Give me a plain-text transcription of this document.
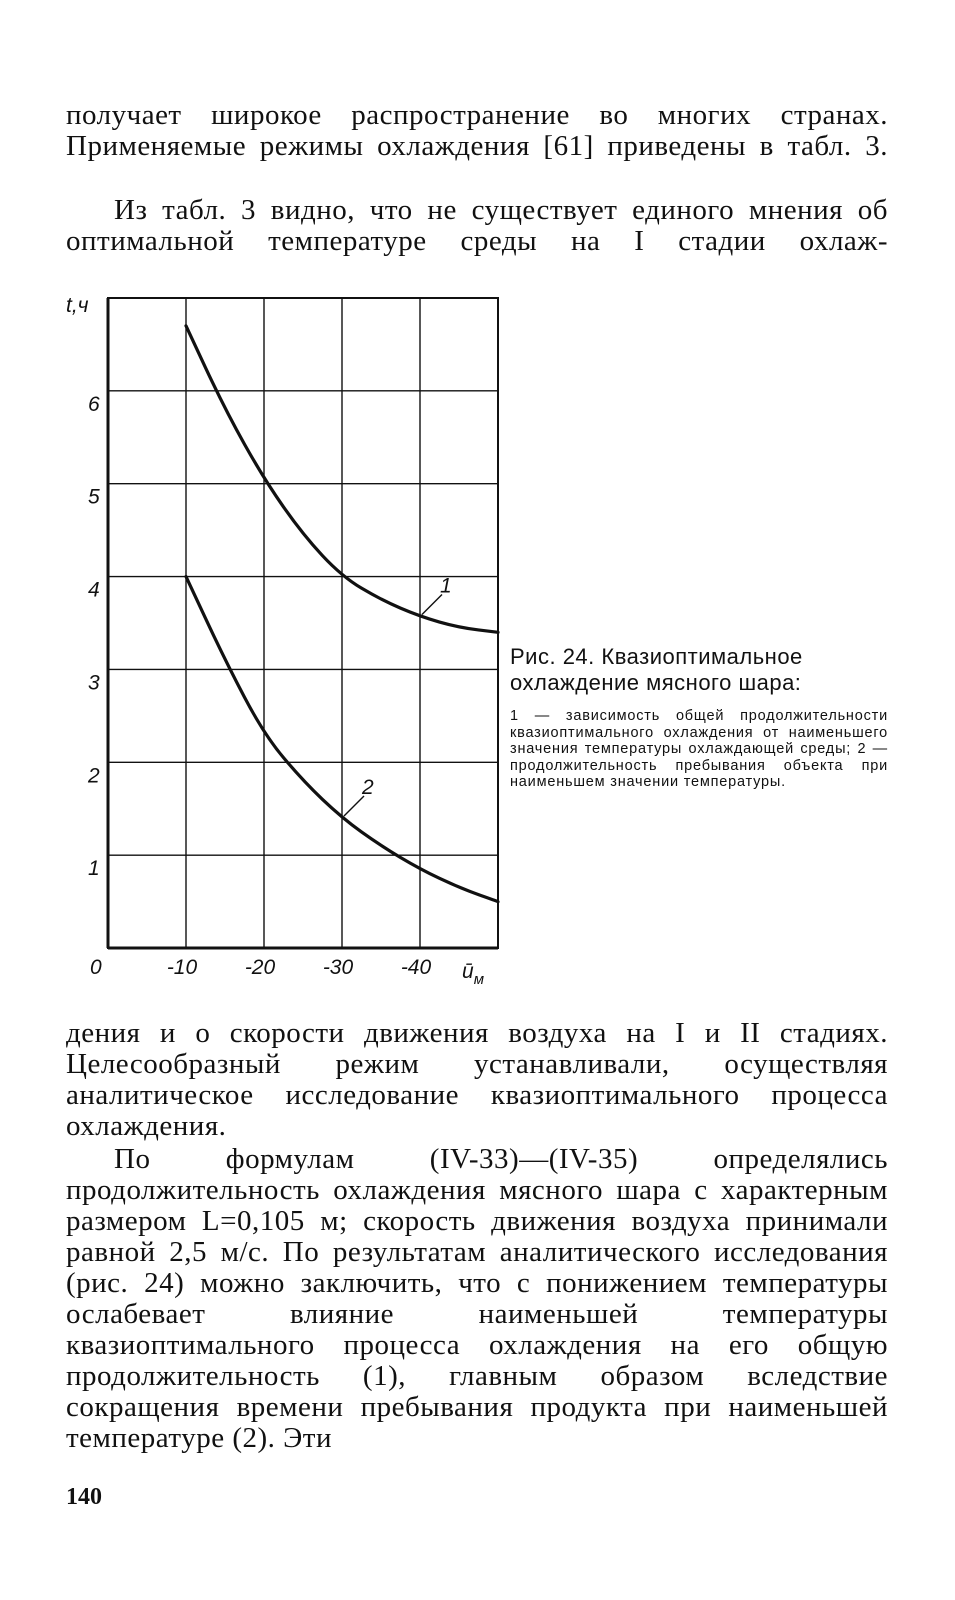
получает широкое распространение во многих странах. Применяемые режимы охлаждения [61] приведены в табл. 3.

Из табл. 3 видно, что не существует единого мнения об оптимальной температуре среды на I стадии охлаж-

0	-10 -20 -30 -40
1
2
3
4
5
6
1
2
t,ч
$ū_м$

Рис. 24. Квазиоптимальное охлаждение мясного шара:

1 — зависимость общей продолжительности квазиоптимального охлаждения от наименьшего значения температуры охлаждающей среды; 2 — продолжительность пребывания объекта при наименьшем значении температуры.

дения и о скорости движения воздуха на I и II стадиях. Целесообразный режим устанавливали, осуществляя аналитическое исследование квазиоптимального процесса охлаждения.

По формулам (IV-33)—(IV-35) определялись продолжительность охлаждения мясного шара с характерным размером L=0,105 м; скорость движения воздуха принимали равной 2,5 м/с. По результатам аналитического исследования (рис. 24) можно заключить, что с понижением температуры ослабевает влияние наименьшей температуры квазиоптимального процесса охлаждения на его общую продолжительность (1), главным образом вследствие сокращения времени пребывания продукта при наименьшей температуре (2). Эти

140
